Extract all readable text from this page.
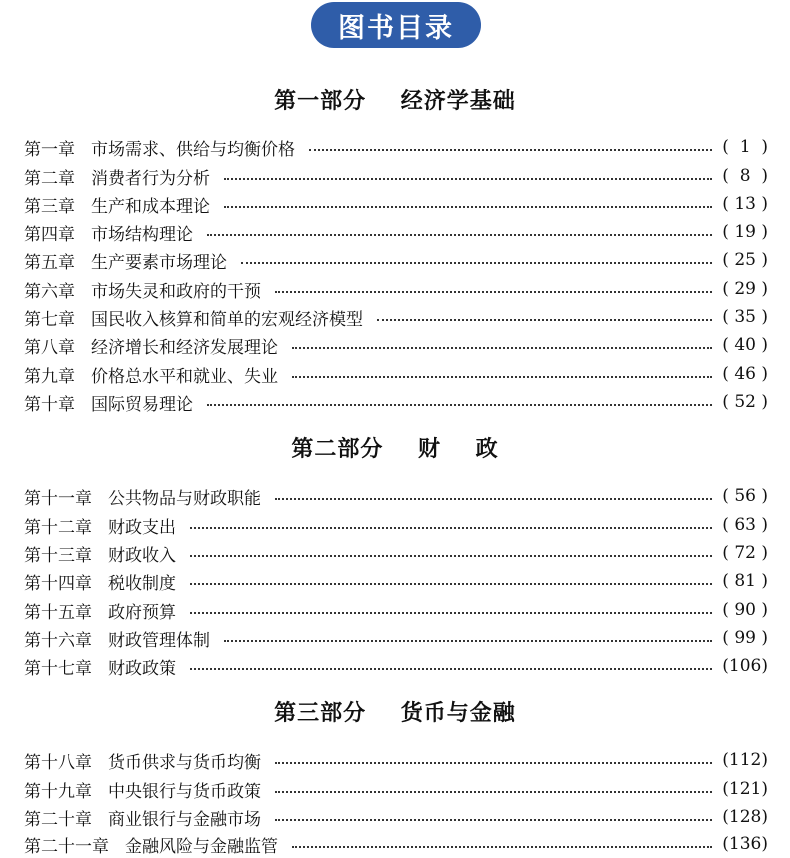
图书目录
第一部分    经济学基础
第一章 市场需求、供给与均衡价格	(  1  )
第二章 消费者行为分析	(  8  )
第三章 生产和成本理论	( 13 )
第四章 市场结构理论	( 19 )
第五章 生产要素市场理论	( 25 )
第六章 市场失灵和政府的干预	( 29 )
第七章 国民收入核算和简单的宏观经济模型	( 35 )
第八章 经济增长和经济发展理论	( 40 )
第九章 价格总水平和就业、失业	( 46 )
第十章 国际贸易理论	( 52 )
第二部分    财    政
第十一章 公共物品与财政职能	( 56 )
第十二章 财政支出	( 63 )
第十三章 财政收入	( 72 )
第十四章 税收制度	( 81 )
第十五章 政府预算	( 90 )
第十六章 财政管理体制	( 99 )
第十七章 财政政策	(106)
第三部分    货币与金融
第十八章 货币供求与货币均衡	(112)
第十九章 中央银行与货币政策	(121)
第二十章 商业银行与金融市场	(128)
第二十一章 金融风险与金融监管	(136)
